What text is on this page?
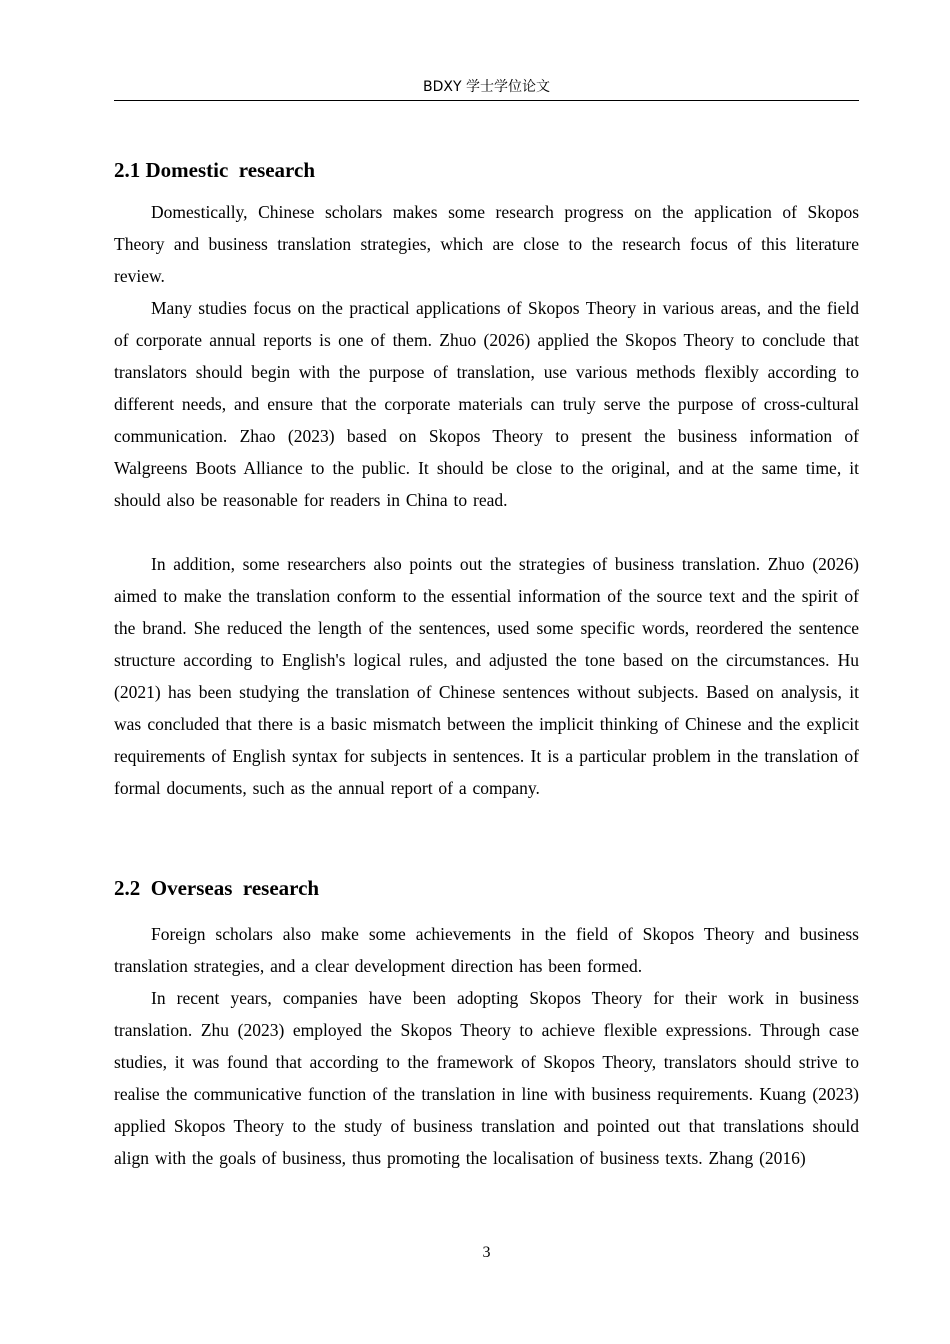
BDXY 学士学位论文
2.1 Domestic  research

Domestically, Chinese scholars makes some research progress on the application of Skopos Theory and business translation strategies, which are close to the research focus of this literature review.

Many studies focus on the practical applications of Skopos Theory in various areas, and the field of corporate annual reports is one of them. Zhuo (2026) applied the Skopos Theory to conclude that translators should begin with the purpose of translation, use various methods flexibly according to different needs, and ensure that the corporate materials can truly serve the purpose of cross-cultural communication. Zhao (2023) based on Skopos Theory to present the business information of Walgreens Boots Alliance to the public. It should be close to the original, and at the same time, it should also be reasonable for readers in China to read.

In addition, some researchers also points out the strategies of business translation. Zhuo (2026) aimed to make the translation conform to the essential information of the source text and the spirit of the brand. She reduced the length of the sentences, used some specific words, reordered the sentence structure according to English's logical rules, and adjusted the tone based on the circumstances. Hu (2021) has been studying the translation of Chinese sentences without subjects. Based on analysis, it was concluded that there is a basic mismatch between the implicit thinking of Chinese and the explicit requirements of English syntax for subjects in sentences. It is a particular problem in the translation of formal documents, such as the annual report of a company.

2.2  Overseas  research

Foreign scholars also make some achievements in the field of Skopos Theory and business translation strategies, and a clear development direction has been formed.

In recent years, companies have been adopting Skopos Theory for their work in business translation. Zhu (2023) employed the Skopos Theory to achieve flexible expressions. Through case studies, it was found that according to the framework of Skopos Theory, translators should strive to realise the communicative function of the translation in line with business requirements. Kuang (2023) applied Skopos Theory to the study of business translation and pointed out that translations should align with the goals of business, thus promoting the localisation of business texts. Zhang (2016)

3
